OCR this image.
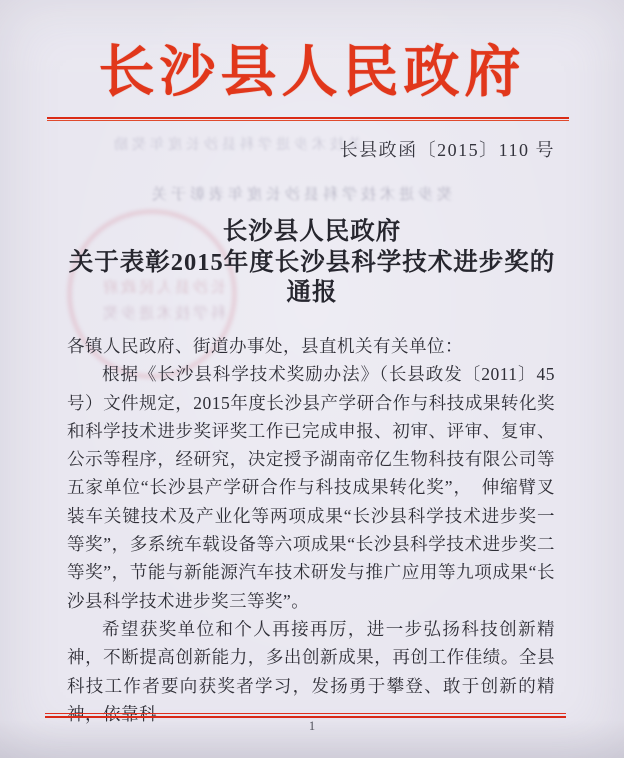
长沙县人民政府
关技术步进学科县沙长度年奖励
长县政函〔2015〕110 号
奖步进术技学科县沙长度年表彰于关
长沙县人民政府
科学技术进步奖
长沙县人民政府
关于表彰2015年度长沙县科学技术进步奖的
通报

各镇人民政府、街道办事处，县直机关有关单位：

根据《长沙县科学技术奖励办法》（长县政发〔2011〕45号）文件规定，2015年度长沙县产学研合作与科技成果转化奖和科学技术进步奖评奖工作已完成申报、初审、评审、复审、公示等程序，经研究，决定授予湖南帝亿生物科技有限公司等五家单位“长沙县产学研合作与科技成果转化奖”，　伸缩臂叉装车关键技术及产业化等两项成果“长沙县科学技术进步奖一等奖”，多系统车载设备等六项成果“长沙县科学技术进步奖二等奖”，节能与新能源汽车技术研发与推广应用等九项成果“长沙县科学技术进步奖三等奖”。

希望获奖单位和个人再接再厉，进一步弘扬科技创新精神，不断提高创新能力，多出创新成果，再创工作佳绩。全县科技工作者要向获奖者学习，发扬勇于攀登、敢于创新的精神，依靠科

1
